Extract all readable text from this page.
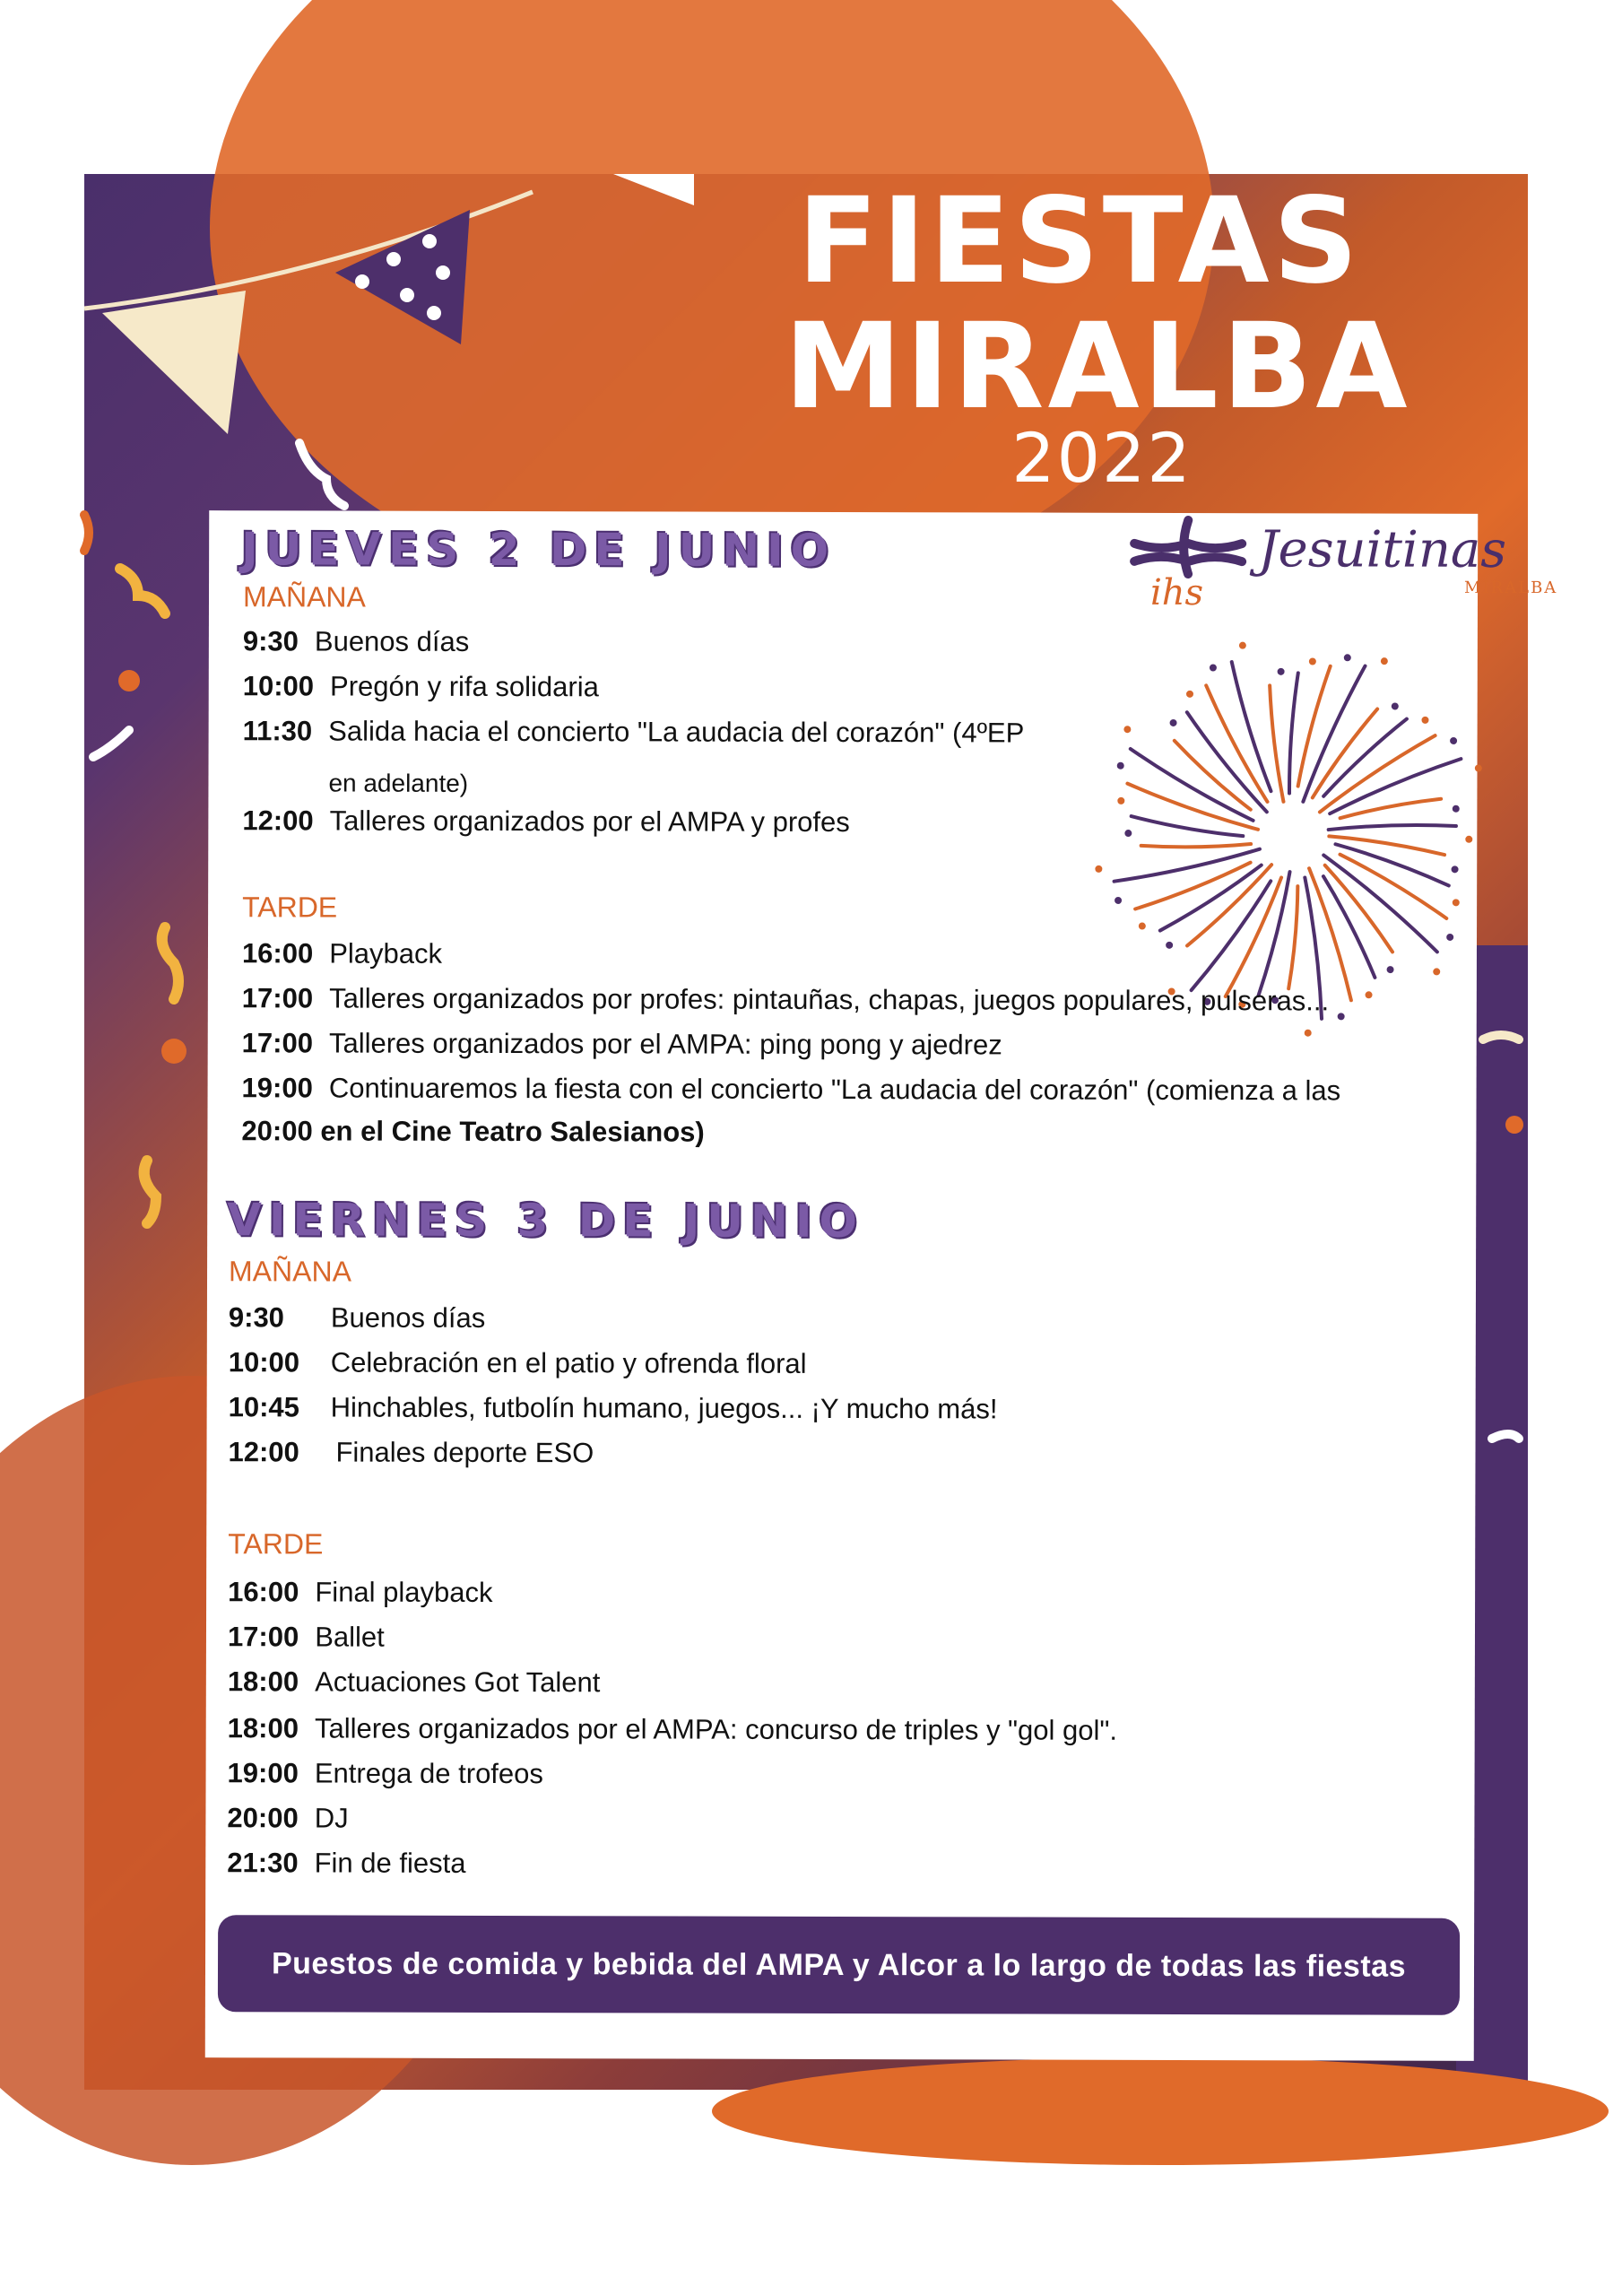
FIESTAS
MIRALBA
2022
ihs
Jesuitinas
MIRALBA
JUEVES 2 DE JUNIO
MAÑANA
9:30 Buenos días
10:00 Pregón y rifa solidaria
11:30 Salida hacia el concierto "La audacia del corazón" (4ºEP
en adelante)
12:00 Talleres organizados por el AMPA y profes
TARDE
16:00 Playback
17:00 Talleres organizados por profes: pintauñas, chapas, juegos populares, pulseras...
17:00 Talleres organizados por el AMPA: ping pong y ajedrez
19:00 Continuaremos la fiesta con el concierto "La audacia del corazón" (comienza a las
20:00 en el Cine Teatro Salesianos)
VIERNES 3 DE JUNIO
MAÑANA
9:30 Buenos días
10:00 Celebración en el patio y ofrenda floral
10:45 Hinchables, futbolín humano, juegos... ¡Y mucho más!
12:00 Finales deporte ESO
TARDE
16:00 Final playback
17:00 Ballet
18:00 Actuaciones Got Talent
18:00 Talleres organizados por el AMPA: concurso de triples y "gol gol".
19:00 Entrega de trofeos
20:00 DJ
21:30 Fin de fiesta
Puestos de comida y bebida del AMPA y Alcor a lo largo de todas las fiestas
